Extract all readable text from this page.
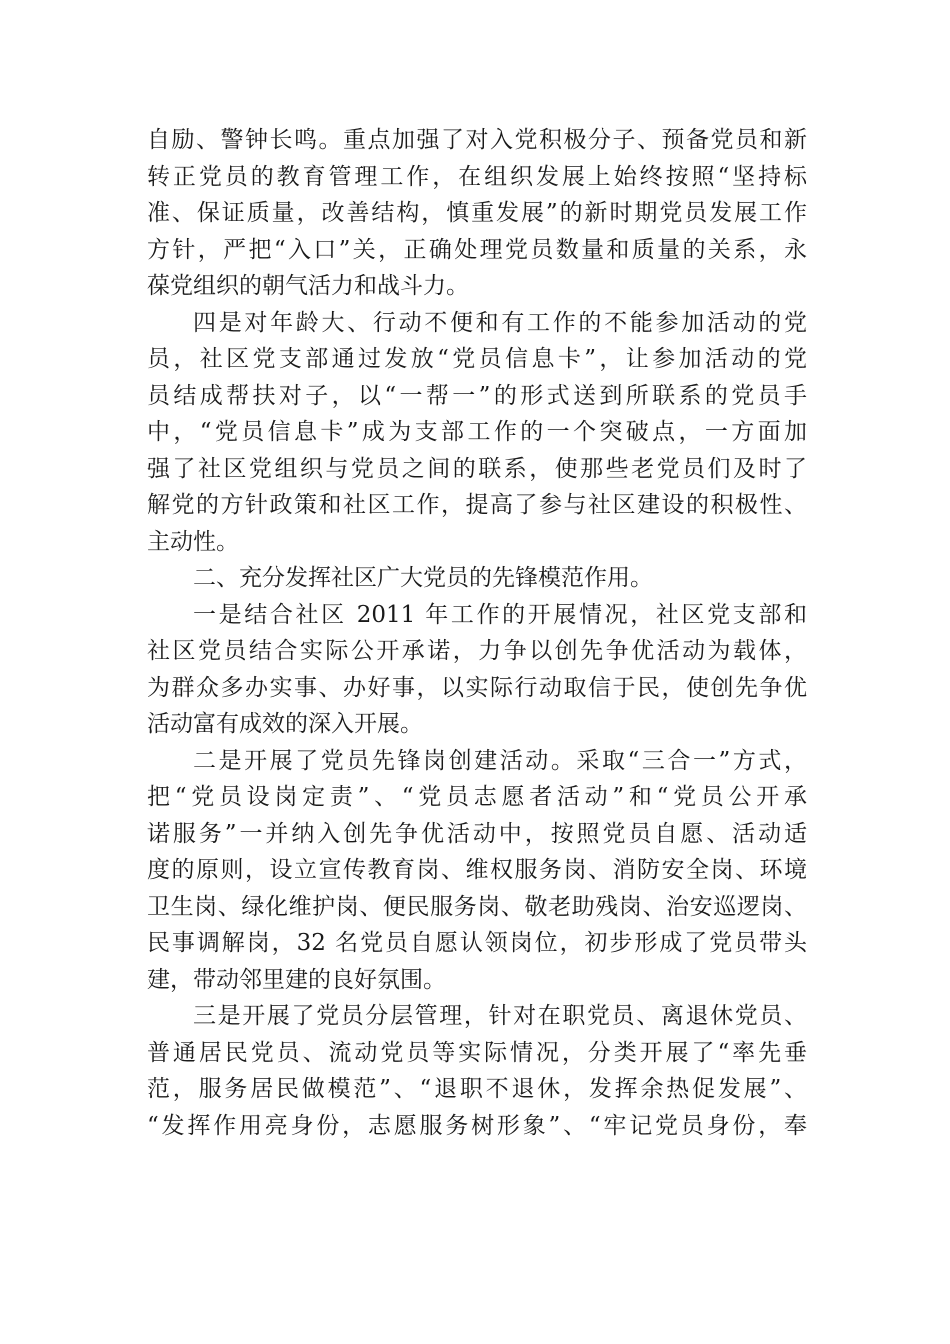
自励、警钟长鸣。重点加强了对入党积极分子、预备党员和新
转正党员的教育管理工作，在组织发展上始终按照“坚持标
准、保证质量，改善结构，慎重发展”的新时期党员发展工作
方针，严把“入口”关，正确处理党员数量和质量的关系，永
葆党组织的朝气活力和战斗力。
四是对年龄大、行动不便和有工作的不能参加活动的党
员，社区党支部通过发放“党员信息卡”，让参加活动的党
员结成帮扶对子，以“一帮一”的形式送到所联系的党员手
中，“党员信息卡”成为支部工作的一个突破点，一方面加
强了社区党组织与党员之间的联系，使那些老党员们及时了
解党的方针政策和社区工作，提高了参与社区建设的积极性、
主动性。
二、充分发挥社区广大党员的先锋模范作用。
一是结合社区 2011 年工作的开展情况，社区党支部和
社区党员结合实际公开承诺，力争以创先争优活动为载体，
为群众多办实事、办好事，以实际行动取信于民，使创先争优
活动富有成效的深入开展。
二是开展了党员先锋岗创建活动。采取“三合一”方式，
把“党员设岗定责”、“党员志愿者活动”和“党员公开承
诺服务”一并纳入创先争优活动中，按照党员自愿、活动适
度的原则，设立宣传教育岗、维权服务岗、消防安全岗、环境
卫生岗、绿化维护岗、便民服务岗、敬老助残岗、治安巡逻岗、
民事调解岗，32 名党员自愿认领岗位，初步形成了党员带头
建，带动邻里建的良好氛围。
三是开展了党员分层管理，针对在职党员、离退休党员、
普通居民党员、流动党员等实际情况，分类开展了“率先垂
范，服务居民做模范”、“退职不退休，发挥余热促发展”、
“发挥作用亮身份，志愿服务树形象”、“牢记党员身份，奉
